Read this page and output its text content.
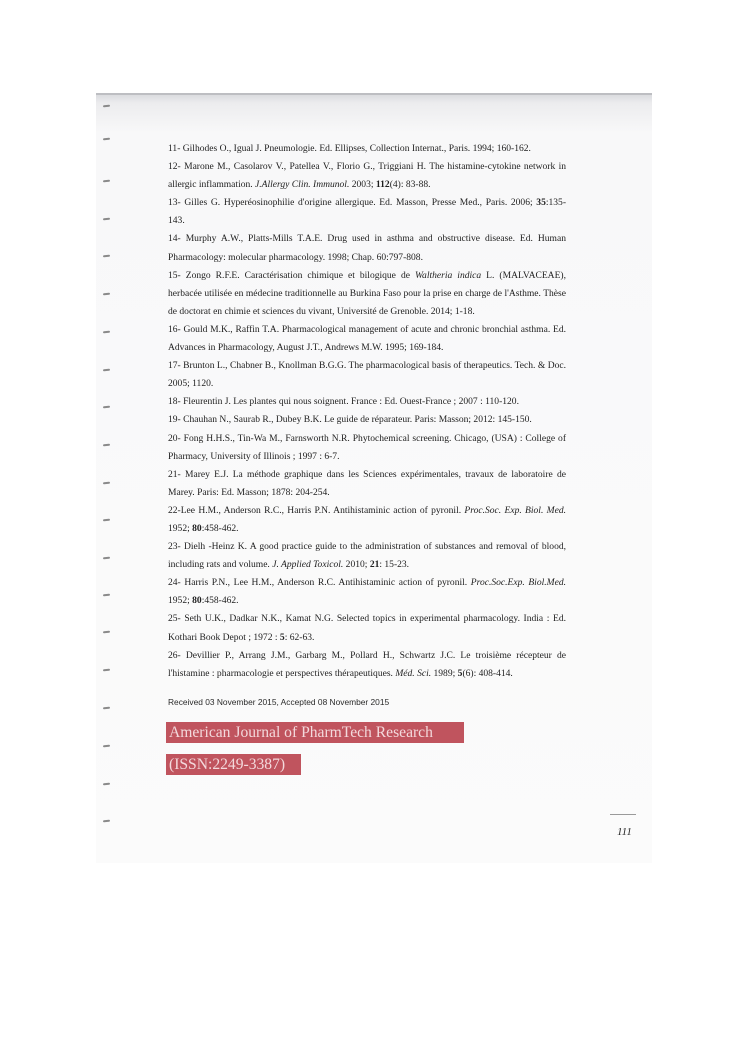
11- Gilhodes O., Igual J. Pneumologie. Ed. Ellipses, Collection Internat., Paris. 1994; 160-162.
12- Marone M., Casolarov V., Patellea V., Florio G., Triggiani H. The histamine-cytokine network in allergic inflammation. J.Allergy Clin. Immunol. 2003; 112(4): 83-88.
13- Gilles G. Hyperéosinophilie d'origine allergique. Ed. Masson, Presse Med., Paris. 2006; 35:135-143.
14- Murphy A.W., Platts-Mills T.A.E. Drug used in asthma and obstructive disease. Ed. Human Pharmacology: molecular pharmacology. 1998; Chap. 60:797-808.
15- Zongo R.F.E. Caractérisation chimique et bilogique de Waltheria indica L. (MALVACEAE), herbacée utilisée en médecine traditionnelle au Burkina Faso pour la prise en charge de l'Asthme. Thèse de doctorat en chimie et sciences du vivant, Université de Grenoble. 2014; 1-18.
16- Gould M.K., Raffin T.A. Pharmacological management of acute and chronic bronchial asthma. Ed. Advances in Pharmacology, August J.T., Andrews M.W. 1995; 169-184.
17- Brunton L., Chabner B., Knollman B.G.G. The pharmacological basis of therapeutics. Tech. & Doc. 2005; 1120.
18- Fleurentin J. Les plantes qui nous soignent. France : Ed. Ouest-France ; 2007 : 110-120.
19- Chauhan N., Saurab R., Dubey B.K. Le guide de réparateur. Paris: Masson; 2012: 145-150.
20- Fong H.H.S., Tin-Wa M., Farnsworth N.R. Phytochemical screening. Chicago, (USA) : College of Pharmacy, University of Illinois ; 1997 : 6-7.
21- Marey E.J. La méthode graphique dans les Sciences expérimentales, travaux de laboratoire de Marey. Paris: Ed. Masson; 1878: 204-254.
22-Lee H.M., Anderson R.C., Harris P.N. Antihistaminic action of pyronil. Proc.Soc. Exp. Biol. Med. 1952; 80:458-462.
23- Dielh -Heinz K. A good practice guide to the administration of substances and removal of blood, including rats and volume. J. Applied Toxicol. 2010; 21: 15-23.
24- Harris P.N., Lee H.M., Anderson R.C. Antihistaminic action of pyronil. Proc.Soc.Exp. Biol.Med. 1952; 80:458-462.
25- Seth U.K., Dadkar N.K., Kamat N.G. Selected topics in experimental pharmacology. India : Ed. Kothari Book Depot ; 1972 : 5: 62-63.
26- Devillier P., Arrang J.M., Garbarg M., Pollard H., Schwartz J.C. Le troisième récepteur de l'histamine : pharmacologie et perspectives thérapeutiques. Méd. Sci. 1989; 5(6): 408-414.
Received 03 November 2015, Accepted 08 November 2015
American Journal of PharmTech Research
(ISSN:2249-3387)
111
